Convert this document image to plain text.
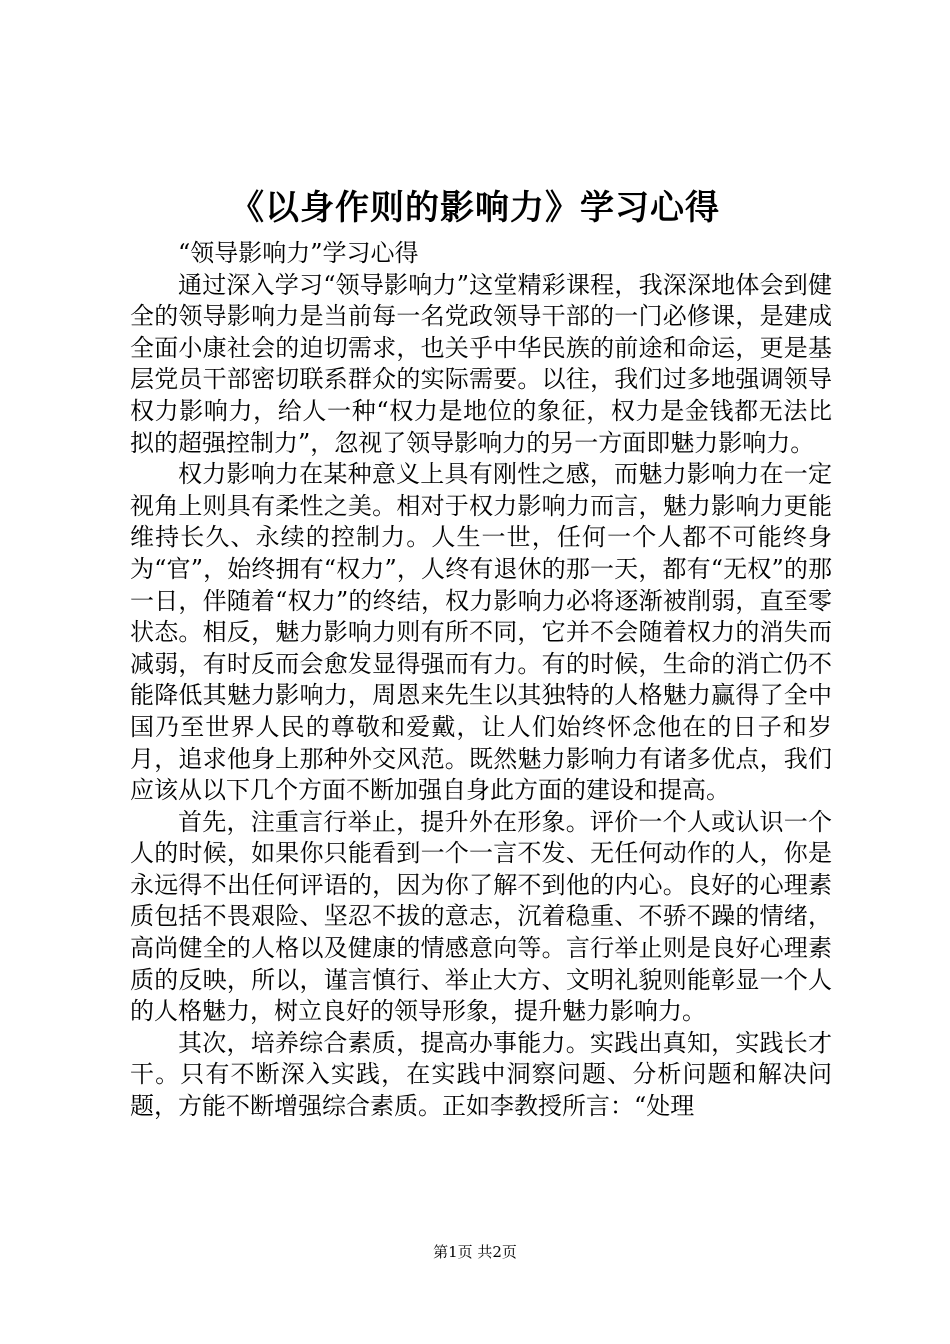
《以身作则的影响力》学习心得

“领导影响力”学习心得

通过深入学习“领导影响力”这堂精彩课程，我深深地体会到健全的领导影响力是当前每一名党政领导干部的一门必修课，是建成全面小康社会的迫切需求，也关乎中华民族的前途和命运，更是基层党员干部密切联系群众的实际需要。以往，我们过多地强调领导权力影响力，给人一种“权力是地位的象征，权力是金钱都无法比拟的超强控制力”，忽视了领导影响力的另一方面即魅力影响力。

权力影响力在某种意义上具有刚性之感，而魅力影响力在一定视角上则具有柔性之美。相对于权力影响力而言，魅力影响力更能维持长久、永续的控制力。人生一世，任何一个人都不可能终身为“官”，始终拥有“权力”，人终有退休的那一天，都有“无权”的那一日，伴随着“权力”的终结，权力影响力必将逐渐被削弱，直至零状态。相反，魅力影响力则有所不同，它并不会随着权力的消失而减弱，有时反而会愈发显得强而有力。有的时候，生命的消亡仍不能降低其魅力影响力，周恩来先生以其独特的人格魅力赢得了全中国乃至世界人民的尊敬和爱戴，让人们始终怀念他在的日子和岁月，追求他身上那种外交风范。既然魅力影响力有诸多优点，我们应该从以下几个方面不断加强自身此方面的建设和提高。

首先，注重言行举止，提升外在形象。评价一个人或认识一个人的时候，如果你只能看到一个一言不发、无任何动作的人，你是永远得不出任何评语的，因为你了解不到他的内心。良好的心理素质包括不畏艰险、坚忍不拔的意志，沉着稳重、不骄不躁的情绪，高尚健全的人格以及健康的情感意向等。言行举止则是良好心理素质的反映，所以，谨言慎行、举止大方、文明礼貌则能彰显一个人的人格魅力，树立良好的领导形象，提升魅力影响力。

其次，培养综合素质，提高办事能力。实践出真知，实践长才干。只有不断深入实践，在实践中洞察问题、分析问题和解决问题，方能不断增强综合素质。正如李教授所言：“处理

第1页 共2页
